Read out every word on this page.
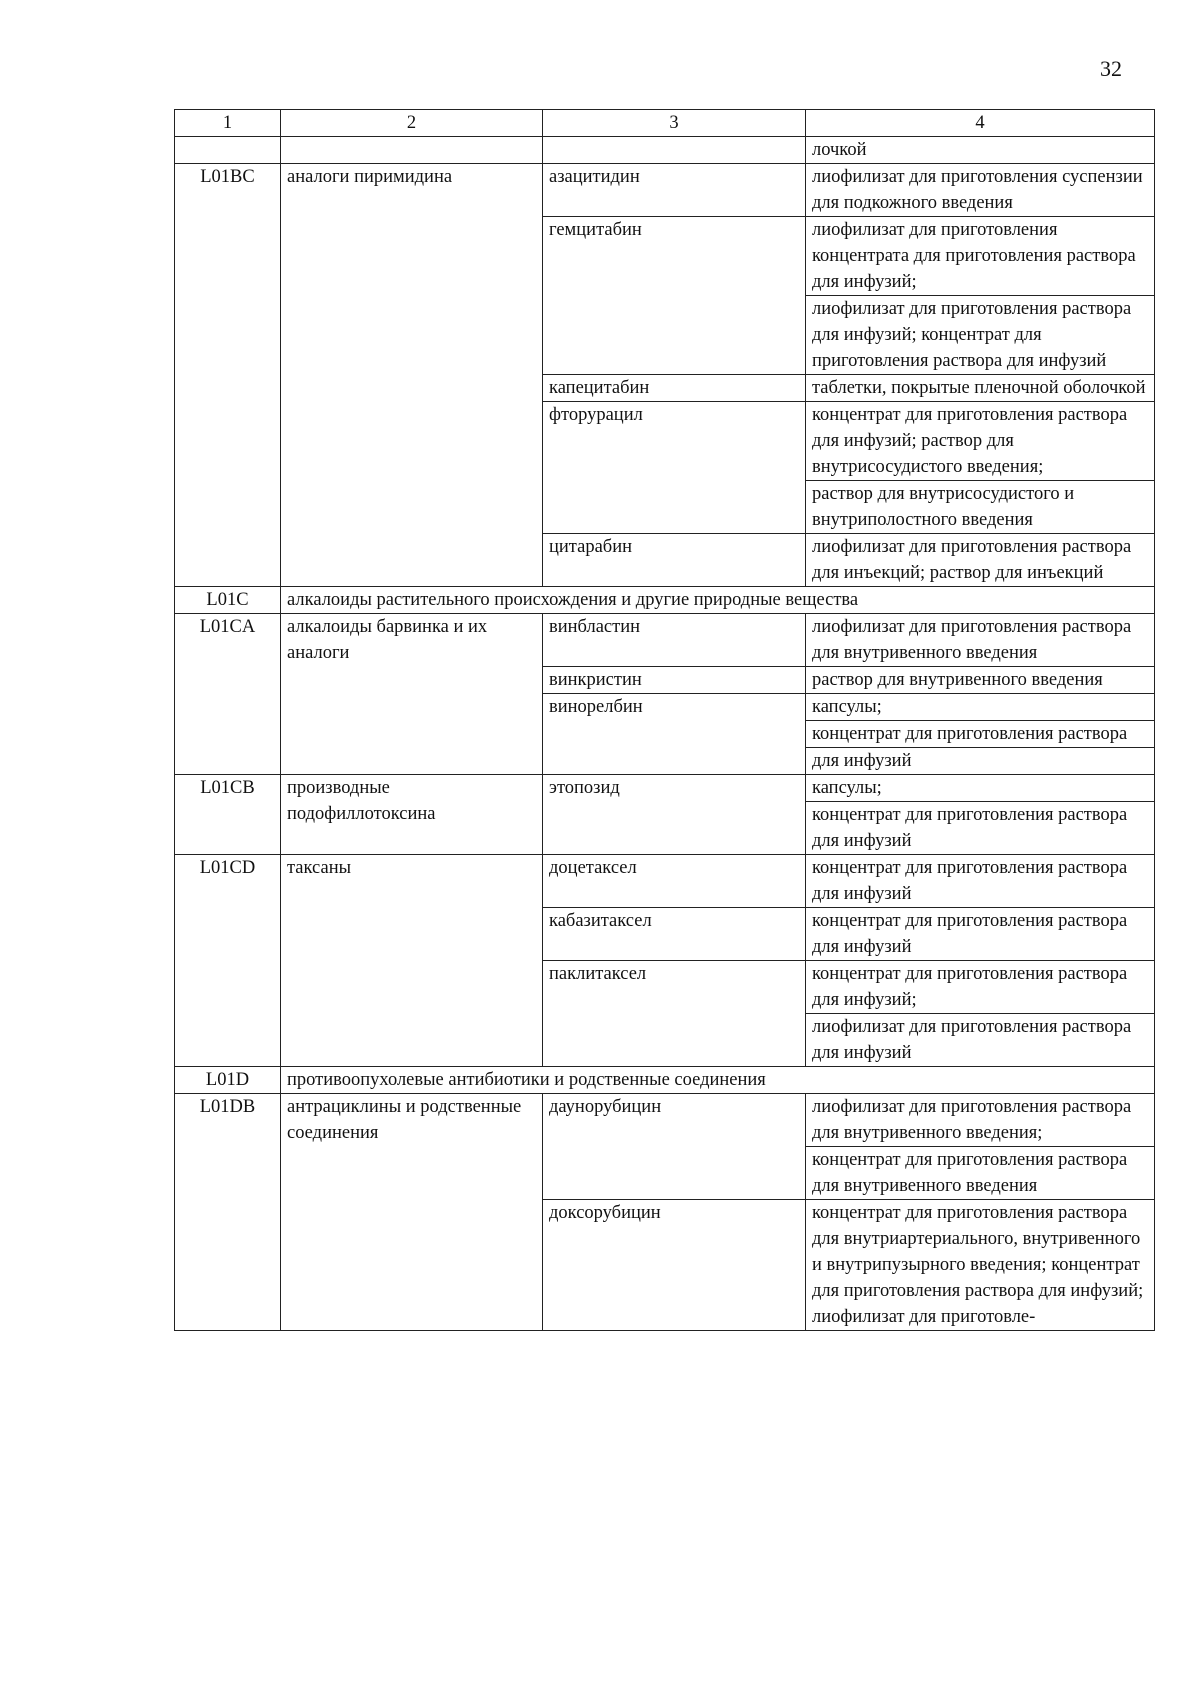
32
1	2	3	4
			лочкой
L01BC	аналоги пиримидина	азацитидин	лиофилизат для приготовления суспензии для подкожного введения
		гемцитабин	лиофилизат для приготовления концентрата для приготовления раствора для инфузий;
			лиофилизат для приготовления раствора для инфузий; концентрат для приготовления раствора для инфузий
		капецитабин	таблетки, покрытые пленочной оболочкой
		фторурацил	концентрат для приготовления раствора для инфузий; раствор для внутрисосудистого введения;
			раствор для внутрисосудистого и внутриполостного введения
		цитарабин	лиофилизат для приготовления раствора для инъекций; раствор для инъекций
L01C	алкалоиды растительного происхождения и другие природные вещества		
L01CA	алкалоиды барвинка и их аналоги	винбластин	лиофилизат для приготовления раствора для внутривенного введения
		винкристин	раствор для внутривенного введения
		винорелбин	капсулы;
			концентрат для приготовления раствора
			для инфузий
L01CB	производные подофиллотоксина	этопозид	капсулы;
			концентрат для приготовления раствора для инфузий
L01CD	таксаны	доцетаксел	концентрат для приготовления раствора для инфузий
		кабазитаксел	концентрат для приготовления раствора для инфузий
		паклитаксел	концентрат для приготовления раствора для инфузий;
			лиофилизат для приготовления раствора для инфузий
L01D	противоопухолевые антибиотики и родственные соединения		
L01DB	антрациклины и родственные соединения	даунорубицин	лиофилизат для приготовления раствора для внутривенного введения;
			концентрат для приготовления раствора для внутривенного введения
		доксорубицин	концентрат для приготовления раствора для внутриартериального, внутривенного и внутрипузырного введения; концентрат для приготовления раствора для инфузий; лиофилизат для приготовле-
